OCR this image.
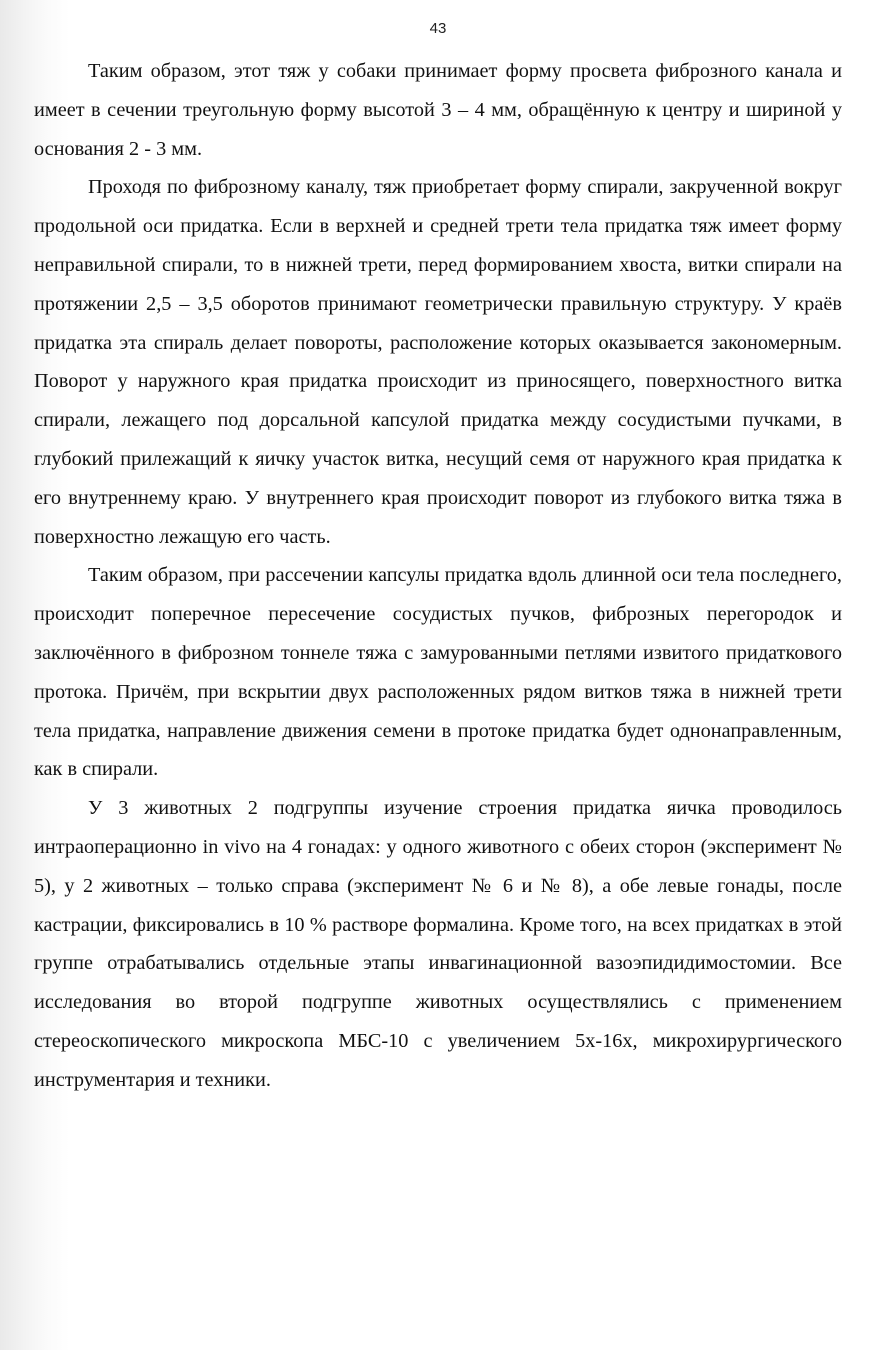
43

Таким образом, этот тяж у собаки принимает форму просвета фиброзного канала и имеет в сечении треугольную форму высотой 3 – 4 мм, обращённую к центру и шириной у основания 2 - 3 мм.

Проходя по фиброзному каналу, тяж приобретает форму спирали, закрученной вокруг продольной оси придатка. Если в верхней и средней трети тела придатка тяж имеет форму неправильной спирали, то в нижней трети, перед формированием хвоста, витки спирали на протяжении 2,5 – 3,5 оборотов принимают геометрически правильную структуру. У краёв придатка эта спираль делает повороты, расположение которых оказывается закономерным. Поворот у наружного края придатка происходит из приносящего, поверхностного витка спирали, лежащего под дорсальной капсулой придатка между сосудистыми пучками, в глубокий прилежащий к яичку участок витка, несущий семя от наружного края придатка к его внутреннему краю. У внутреннего края происходит поворот из глубокого витка тяжа в поверхностно лежащую его часть.

Таким образом, при рассечении капсулы придатка вдоль длинной оси тела последнего, происходит поперечное пересечение сосудистых пучков, фиброзных перегородок и заключённого в фиброзном тоннеле тяжа с замурованными петлями извитого придаткового протока. Причём, при вскрытии двух расположенных рядом витков тяжа в нижней трети тела придатка, направление движения семени в протоке придатка будет однонаправленным, как в спирали.

У 3 животных 2 подгруппы изучение строения придатка яичка проводилось интраоперационно in vivo на 4 гонадах: у одного животного с обеих сторон (эксперимент № 5), у 2 животных – только справа (эксперимент № 6 и № 8), а обе левые гонады, после кастрации, фиксировались в 10 % растворе формалина. Кроме того, на всех придатках в этой группе отрабатывались отдельные этапы инвагинационной вазоэпидидимостомии. Все исследования во второй подгруппе животных осуществлялись с применением стереоскопического микроскопа МБС-10 с увеличением 5х-16х, микрохирургического инструментария и техники.
